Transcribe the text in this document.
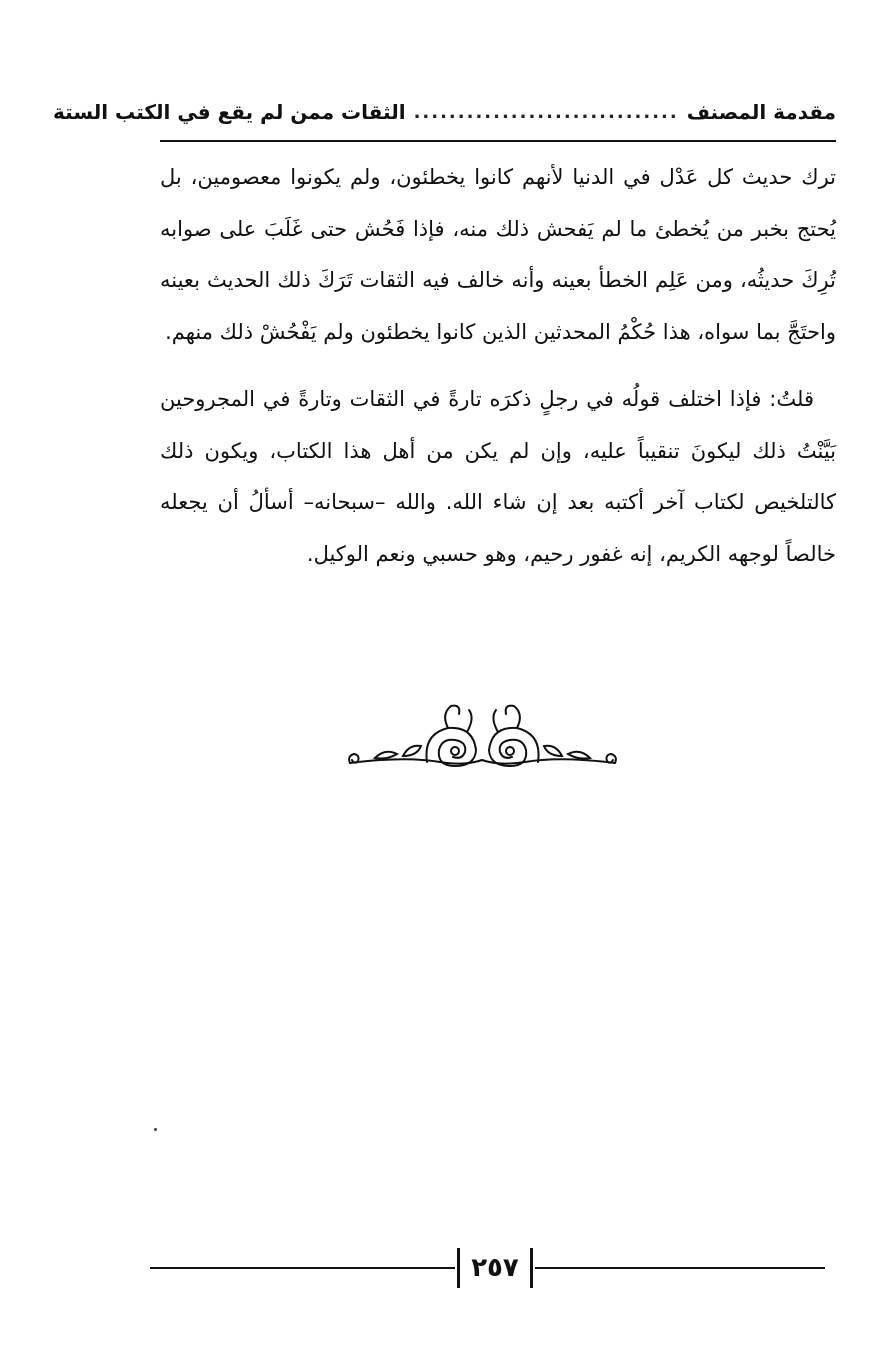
مقدمة المصنف
..............................
الثقات ممن لم يقع في الكتب الستة

ترك حديث كل عَدْل في الدنيا لأنهم كانوا يخطئون، ولم يكونوا معصومين، بل يُحتج بخبر من يُخطئ ما لم يَفحش ذلك منه، فإذا فَحُش حتى غَلَبَ على صوابه تُرِكَ حديثُه، ومن عَلِم الخطأ بعينه وأنه خالف فيه الثقات تَرَكَ ذلك الحديث بعينه واحتَجَّ بما سواه، هذا حُكْمُ المحدثين الذين كانوا يخطئون ولم يَفْحُشْ ذلك منهم.

قلتُ: فإذا اختلف قولُه في رجلٍ ذكرَه تارةً في الثقات وتارةً في المجروحين بَيَّنْتُ ذلك ليكونَ تنقيباً عليه، وإن لم يكن من أهل هذا الكتاب، ويكون ذلك كالتلخيص لكتاب آخر أكتبه بعد إن شاء الله. والله –سبحانه– أسألُ أن يجعله خالصاً لوجهه الكريم، إنه غفور رحيم، وهو حسبي ونعم الوكيل.

٢٥٧
